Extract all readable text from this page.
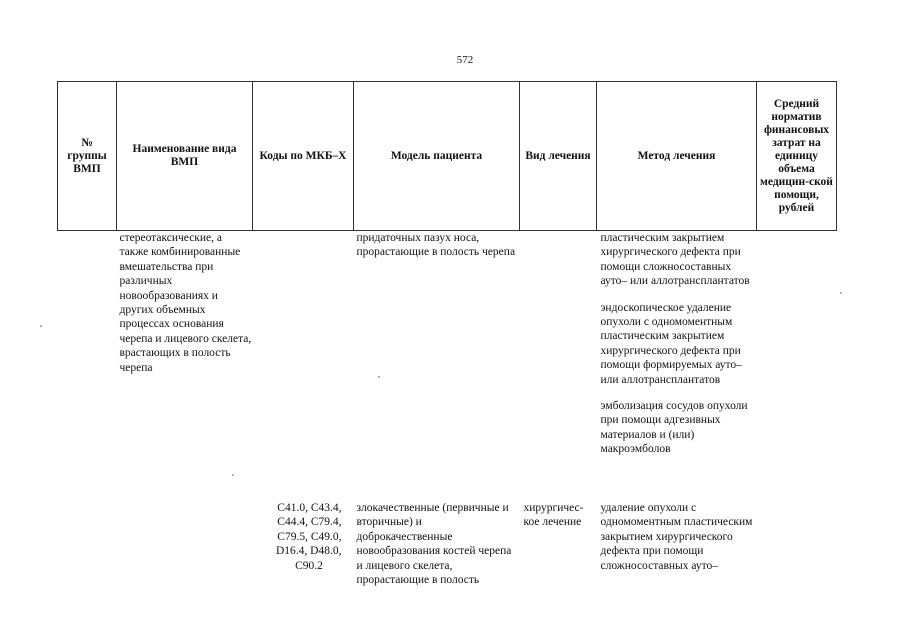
572
№ группы ВМП	Наименование вида ВМП	Коды по МКБ–Х	Модель пациента	Вид лечения	Метод лечения	Средний норматив финансовых затрат на единицу объема медицин-ской помощи, рублей
	стереотаксические, а также комбинированные вмешательства при различных новообразованиях и других объемных процессах основания черепа и лицевого скелета, врастающих в полость черепа		придаточных пазух носа, прорастающие в полость черепа		пластическим закрытием хирургического дефекта при помощи сложносоставных ауто– или аллотрансплантатов
эндоскопическое удаление опухоли с одномоментным пластическим закрытием хирургического дефекта при помощи формируемых ауто– или аллотрансплантатов
эмболизация сосудов опухоли при помощи адгезивных материалов и (или) макроэмболов	

		C41.0, C43.4,
C44.4, C79.4,
C79.5, C49.0,
D16.4, D48.0,
C90.2	злокачественные (первичные и вторичные) и доброкачественные новообразования костей черепа и лицевого скелета, прорастающие в полость	хирургичес-кое лечение	удаление опухоли с одномоментным пластическим закрытием хирургического дефекта при помощи сложносоставных ауто–	
